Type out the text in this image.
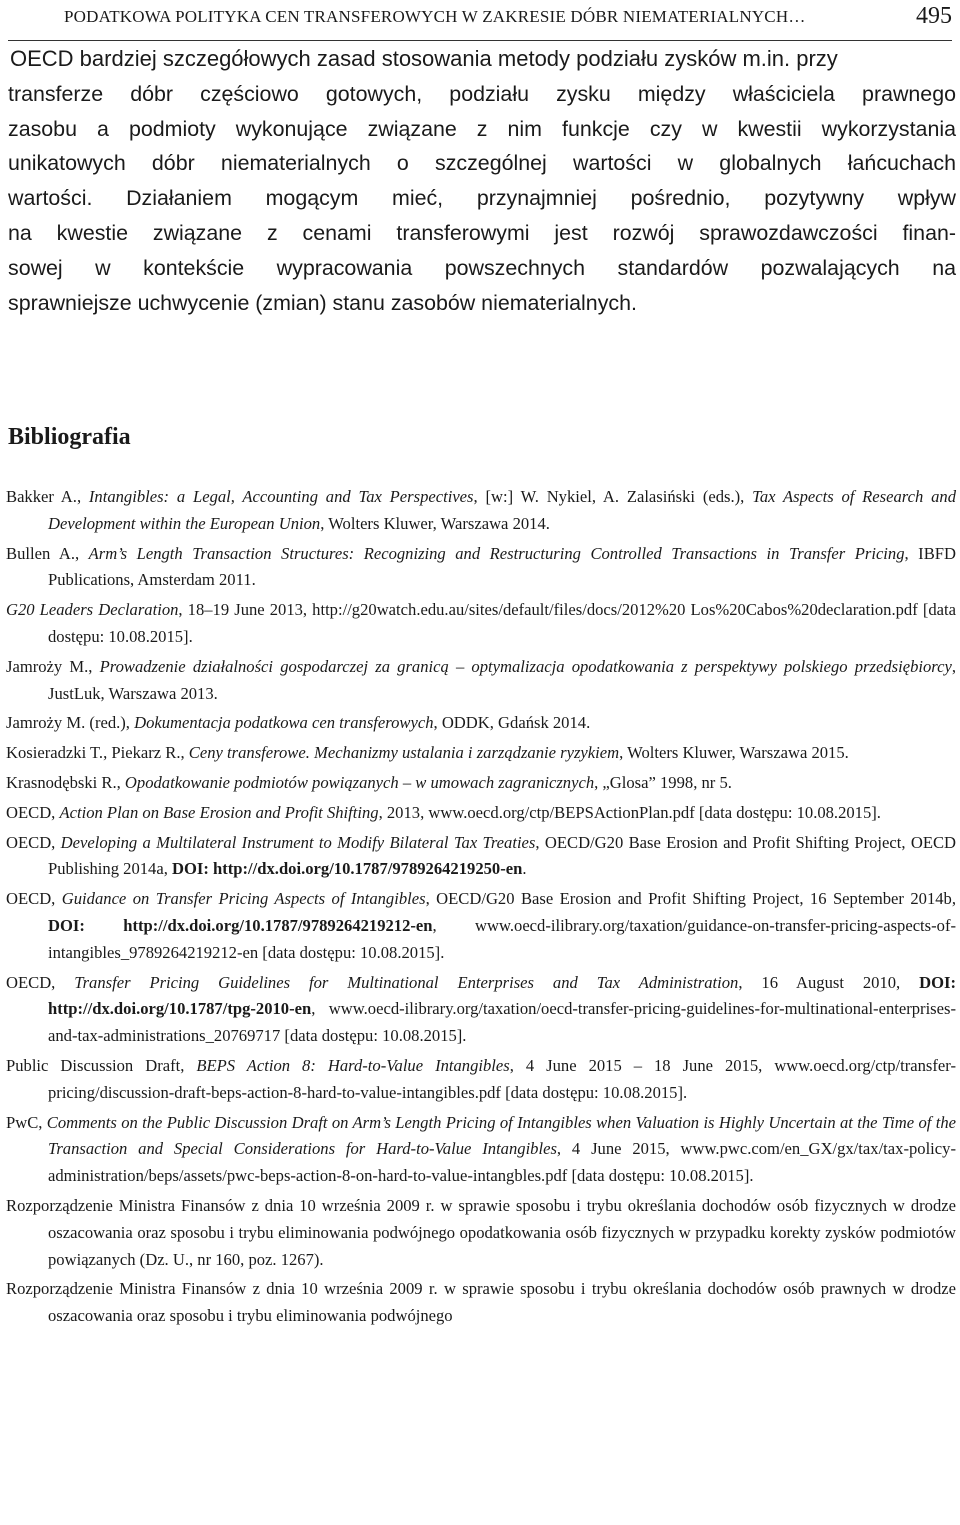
PODATKOWA POLITYKA CEN TRANSFEROWYCH W ZAKRESIE DÓBR NIEMATERIALNYCH…	495

OECD bardziej szczegółowych zasad stosowania metody podziału zysków m.in. przy
transferze dóbr częściowo gotowych, podziału zysku między właściciela prawnego
zasobu a podmioty wykonujące związane z nim funkcje czy w kwestii wykorzystania
unikatowych dóbr niematerialnych o szczególnej wartości w globalnych łańcuchach
wartości. Działaniem mogącym mieć, przynajmniej pośrednio, pozytywny wpływ
na kwestie związane z cenami transferowymi jest rozwój sprawozdawczości finan-
sowej w kontekście wypracowania powszechnych standardów pozwalających na
sprawniejsze uchwycenie (zmian) stanu zasobów niematerialnych.

Bibliografia
Bakker A., Intangibles: a Legal, Accounting and Tax Perspectives, [w:] W. Nykiel, A. Zalasiński (eds.), Tax Aspects of Research and Development within the European Union, Wolters Kluwer, Warszawa 2014.
Bullen A., Arm’s Length Transaction Structures: Recognizing and Restructuring Controlled Transactions in Transfer Pricing, IBFD Publications, Amsterdam 2011.
G20 Leaders Declaration, 18–19 June 2013, http://g20watch.edu.au/sites/default/files/docs/2012%20 Los%20Cabos%20declaration.pdf [data dostępu: 10.08.2015].
Jamroży M., Prowadzenie działalności gospodarczej za granicą – optymalizacja opodatkowania z perspektywy polskiego przedsiębiorcy, JustLuk, Warszawa 2013.
Jamroży M. (red.), Dokumentacja podatkowa cen transferowych, ODDK, Gdańsk 2014.
Kosieradzki T., Piekarz R., Ceny transferowe. Mechanizmy ustalania i zarządzanie ryzykiem, Wolters Kluwer, Warszawa 2015.
Krasnodębski R., Opodatkowanie podmiotów powiązanych – w umowach zagranicznych, „Glosa” 1998, nr 5.
OECD, Action Plan on Base Erosion and Profit Shifting, 2013, www.oecd.org/ctp/BEPSActionPlan.pdf [data dostępu: 10.08.2015].
OECD, Developing a Multilateral Instrument to Modify Bilateral Tax Treaties, OECD/G20 Base Erosion and Profit Shifting Project, OECD Publishing 2014a, DOI: http://dx.doi.org/10.1787/9789264219250-en.
OECD, Guidance on Transfer Pricing Aspects of Intangibles, OECD/G20 Base Erosion and Profit Shifting Project, 16 September 2014b, DOI: http://dx.doi.org/10.1787/9789264219212-en, www.oecd-ilibrary.org/taxation/guidance-on-transfer-pricing-aspects-of-intangibles_9789264219212-en [data dostępu: 10.08.2015].
OECD, Transfer Pricing Guidelines for Multinational Enterprises and Tax Administration, 16 August 2010, DOI: http://dx.doi.org/10.1787/tpg-2010-en, www.oecd-ilibrary.org/taxation/oecd-transfer-pricing-guidelines-for-multinational-enterprises-and-tax-administrations_20769717 [data dostępu: 10.08.2015].
Public Discussion Draft, BEPS Action 8: Hard-to-Value Intangibles, 4 June 2015 – 18 June 2015, www.oecd.org/ctp/transfer-pricing/discussion-draft-beps-action-8-hard-to-value-intangibles.pdf [data dostępu: 10.08.2015].
PwC, Comments on the Public Discussion Draft on Arm’s Length Pricing of Intangibles when Valuation is Highly Uncertain at the Time of the Transaction and Special Considerations for Hard-to-Value Intangibles, 4 June 2015, www.pwc.com/en_GX/gx/tax/tax-policy-administration/beps/assets/pwc-beps-action-8-on-hard-to-value-intangbles.pdf [data dostępu: 10.08.2015].
Rozporządzenie Ministra Finansów z dnia 10 września 2009 r. w sprawie sposobu i trybu określania dochodów osób fizycznych w drodze oszacowania oraz sposobu i trybu eliminowania podwójnego opodatkowania osób fizycznych w przypadku korekty zysków podmiotów powiązanych (Dz. U., nr 160, poz. 1267).
Rozporządzenie Ministra Finansów z dnia 10 września 2009 r. w sprawie sposobu i trybu określania dochodów osób prawnych w drodze oszacowania oraz sposobu i trybu eliminowania podwójnego
